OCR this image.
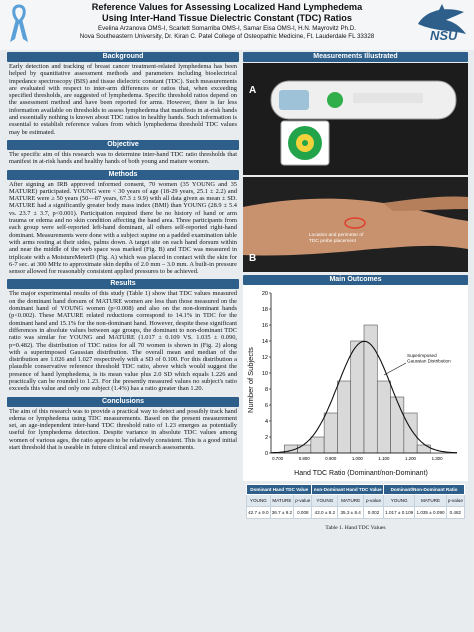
Reference Values for Assessing Localized Hand Lymphedema
Using Inter-Hand Tissue Dielectric Constant (TDC) Ratios
Evelina Arzanova OMS-I, Scarlett Somarriba OMS-I, Samar Eisa OMS-I, H.N. Mayrovitz Ph.D.
Nova Southeastern University, Dr. Kiran C. Patel College of Osteopathic Medicine, Ft. Lauderdale FL 33328	NSU
Background

Early detection and tracking of breast cancer treatment-related lymphedema has been helped by quantitative assessment methods and parameters including bioelectrical impedance spectroscopy (BIS) and tissue dielectric constant (TDC). Such measurements are evaluated with respect to inter-arm differences or ratios that, when exceeding specified thresholds, are suggested of lymphedema. Specific threshold ratios depend on the assessment method and have been reported for arms. However, there is far less information available on thresholds to assess lymphedema that manifests in at-risk hands and essentially nothing is known about TDC ratios in healthy hands. Such information is essential to establish reference values from which lymphedema threshold TDC values may be estimated.

Objective

The specific aim of this research was to determine inter-hand TDC ratio thresholds that manifest in at-risk hands and healthy hands of both young and mature women.

Methods

After signing an IRB approved informed consent, 70 women (35 YOUNG and 35 MATURE) participated. YOUNG were < 30 years of age (18-29 years, 25.1 ± 2.2) and MATURE were ≥ 50 years (50—87 years, 67.3 ± 9.9) with all data given as mean ± SD. MATURE had a significantly greater body mass index (BMI) than YOUNG (28.9 ± 5.4 vs. 23.7 ± 3.7, p<0.001). Participation required there be no history of hand or arm trauma or edema and no skin condition affecting the hand area. Three participants from each group were self-reported left-hand dominant, all others self-reported right-hand dominant. Measurements were done with a subject supine on a padded examination table with arms resting at their sides, palms down. A target site on each hand dorsum within and near the middle of the web space was marked (Fig. B) and TDC was measured in triplicate with a MoistureMeterD (Fig. A) which was placed in contact with the skin for 6-7 sec. at 300 MHz to approximate skin depths of 2.0 mm – 3.0 mm. A built-in pressure sensor allowed for reasonably consistent applied pressures to be achieved.

Results

The major experimental results of this study (Table 1) show that TDC values measured on the dominant hand dorsum of MATURE women are less than those measured on the dominant hand of YOUNG women (p<0.008) and also on the non-dominant hands (p<0.002). These MATURE related reductions correspond to 14.1% in TDC for the dominant hand and 15.1% for the non-dominant hand. However, despite these significant differences in absolute values between age groups, the dominant to non-dominant TDC ratio was similar for YOUNG and MATURE (1.017 ± 0.109 VS. 1.035 ± 0.090, p=0.482). The distribution of TDC ratios for all 70 women is shown in (Fig. 2) along with a superimposed Gaussian distribution. The overall mean and median of the distribution are 1.026 and 1.027 respectively with a SD of 0.100. For this distribution a plausible conservative reference threshold TDC ratio, above which would suggest the presence of hand lymphedema, is its mean value plus 2.0 SD which equals 1.226 and practically can be rounded to 1.23. For the presently measured values no subject's ratio exceeds this value and only one subject (1.4%) has a ratio greater than 1.20.

Conclusions

The aim of this research was to provide a practical way to detect and possibly track hand edema or lymphedema using TDC measurements. Based on the present measurement set, an age-independent inter-hand TDC threshold ratio of 1.23 emerges as potentially useful for lymphedema detection. Despite variance in absolute TDC values among women of various ages, the ratio appears to be relatively consistent. This is a good initial start threshold that is useable in future clinical and research assessments.

Measurements Illustrated
A
Location and perimeter of TDC probe placement
B
Main Outcomes
0
2
4
6
8
10
12
14
16
18
20
0.700	0.800	0.900	1.000	1.100	1.200	1.300
Superimposed Gaussian Distribution
Number of Subjects
Hand TDC Ratio (Dominant/non-Dominant)
Dominant Hand TDC Value			non-Dominant Hand TDC Value			Dominant/Non-Dominant Ratio		
YOUNG	MATURE	p-value	YOUNG	MATURE	p-value	YOUNG	MATURE	p-value
42.7 ± 9.0	36.7 ± 9.2	0.008	42.0 ± 8.2	35.3 ± 8.4	0.002	1.017 ± 0.109	1.035 ± 0.090	0.482
Table 1. Hand TDC Values
